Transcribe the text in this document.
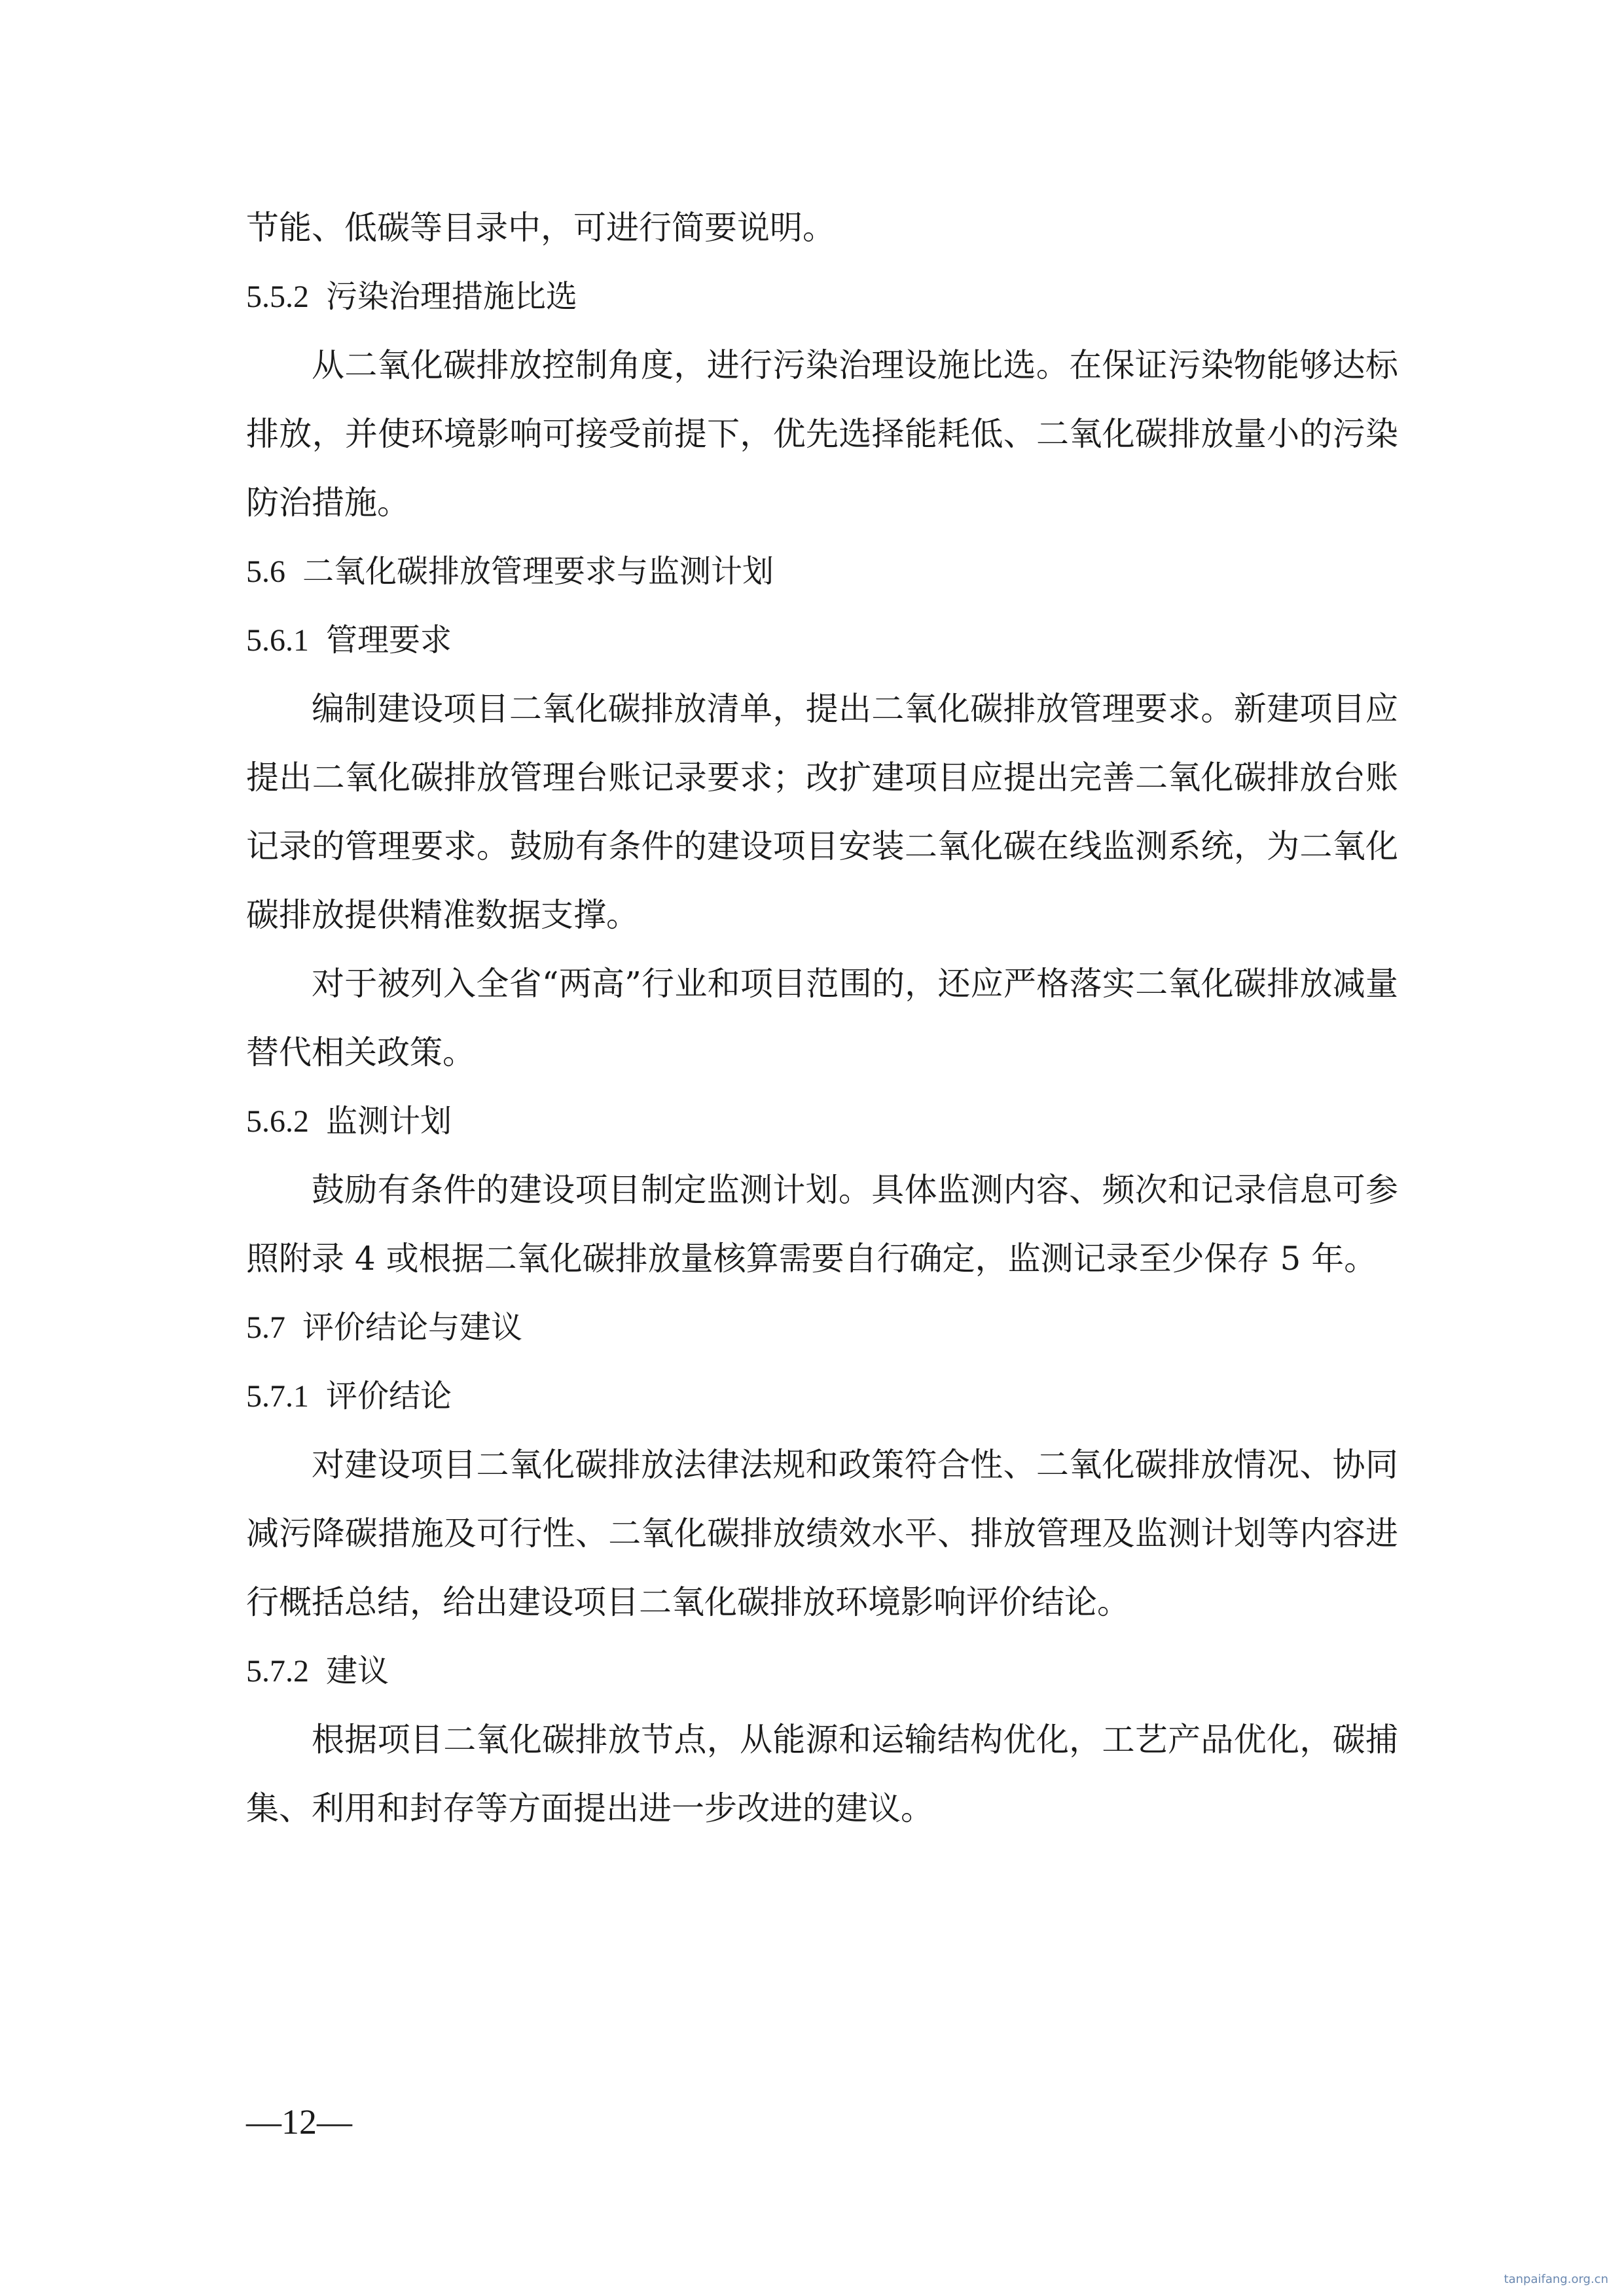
节能、低碳等目录中，可进行简要说明。
5.5.2 污染治理措施比选
从二氧化碳排放控制角度，进行污染治理设施比选。在保证污染物能够达标
排放，并使环境影响可接受前提下，优先选择能耗低、二氧化碳排放量小的污染
防治措施。
5.6 二氧化碳排放管理要求与监测计划
5.6.1 管理要求
编制建设项目二氧化碳排放清单，提出二氧化碳排放管理要求。新建项目应
提出二氧化碳排放管理台账记录要求；改扩建项目应提出完善二氧化碳排放台账
记录的管理要求。鼓励有条件的建设项目安装二氧化碳在线监测系统，为二氧化
碳排放提供精准数据支撑。
对于被列入全省“两高”行业和项目范围的，还应严格落实二氧化碳排放减量
替代相关政策。
5.6.2 监测计划
鼓励有条件的建设项目制定监测计划。具体监测内容、频次和记录信息可参
照附录 4 或根据二氧化碳排放量核算需要自行确定，监测记录至少保存 5 年。
5.7 评价结论与建议
5.7.1 评价结论
对建设项目二氧化碳排放法律法规和政策符合性、二氧化碳排放情况、协同
减污降碳措施及可行性、二氧化碳排放绩效水平、排放管理及监测计划等内容进
行概括总结，给出建设项目二氧化碳排放环境影响评价结论。
5.7.2 建议
根据项目二氧化碳排放节点，从能源和运输结构优化，工艺产品优化，碳捕
集、利用和封存等方面提出进一步改进的建议。
—12—
tanpaifang.org.cn
